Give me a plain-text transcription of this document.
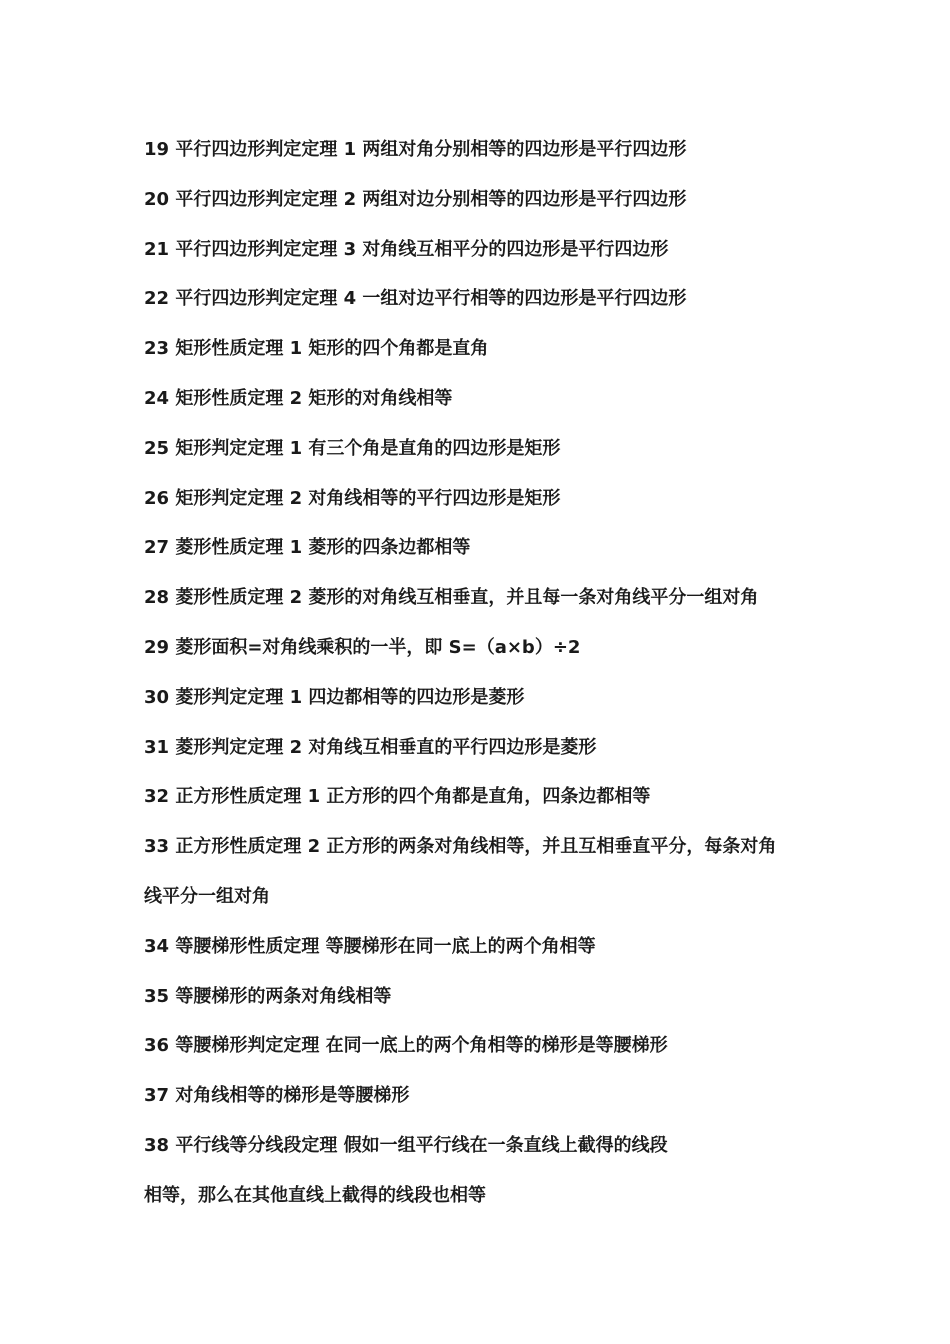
19 平行四边形判定定理 1 两组对角分别相等的四边形是平行四边形
20 平行四边形判定定理 2 两组对边分别相等的四边形是平行四边形
21 平行四边形判定定理 3 对角线互相平分的四边形是平行四边形
22 平行四边形判定定理 4 一组对边平行相等的四边形是平行四边形
23 矩形性质定理 1 矩形的四个角都是直角
24 矩形性质定理 2 矩形的对角线相等
25 矩形判定定理 1 有三个角是直角的四边形是矩形
26 矩形判定定理 2 对角线相等的平行四边形是矩形
27 菱形性质定理 1 菱形的四条边都相等
28 菱形性质定理 2 菱形的对角线互相垂直，并且每一条对角线平分一组对角
29 菱形面积=对角线乘积的一半，即 S=（a×b）÷2
30 菱形判定定理 1 四边都相等的四边形是菱形
31 菱形判定定理 2 对角线互相垂直的平行四边形是菱形
32 正方形性质定理 1 正方形的四个角都是直角，四条边都相等
33 正方形性质定理 2 正方形的两条对角线相等，并且互相垂直平分，每条对角
线平分一组对角
34 等腰梯形性质定理 等腰梯形在同一底上的两个角相等
35 等腰梯形的两条对角线相等
36 等腰梯形判定定理 在同一底上的两个角相等的梯形是等腰梯形
37 对角线相等的梯形是等腰梯形
38 平行线等分线段定理 假如一组平行线在一条直线上截得的线段
相等，那么在其他直线上截得的线段也相等
